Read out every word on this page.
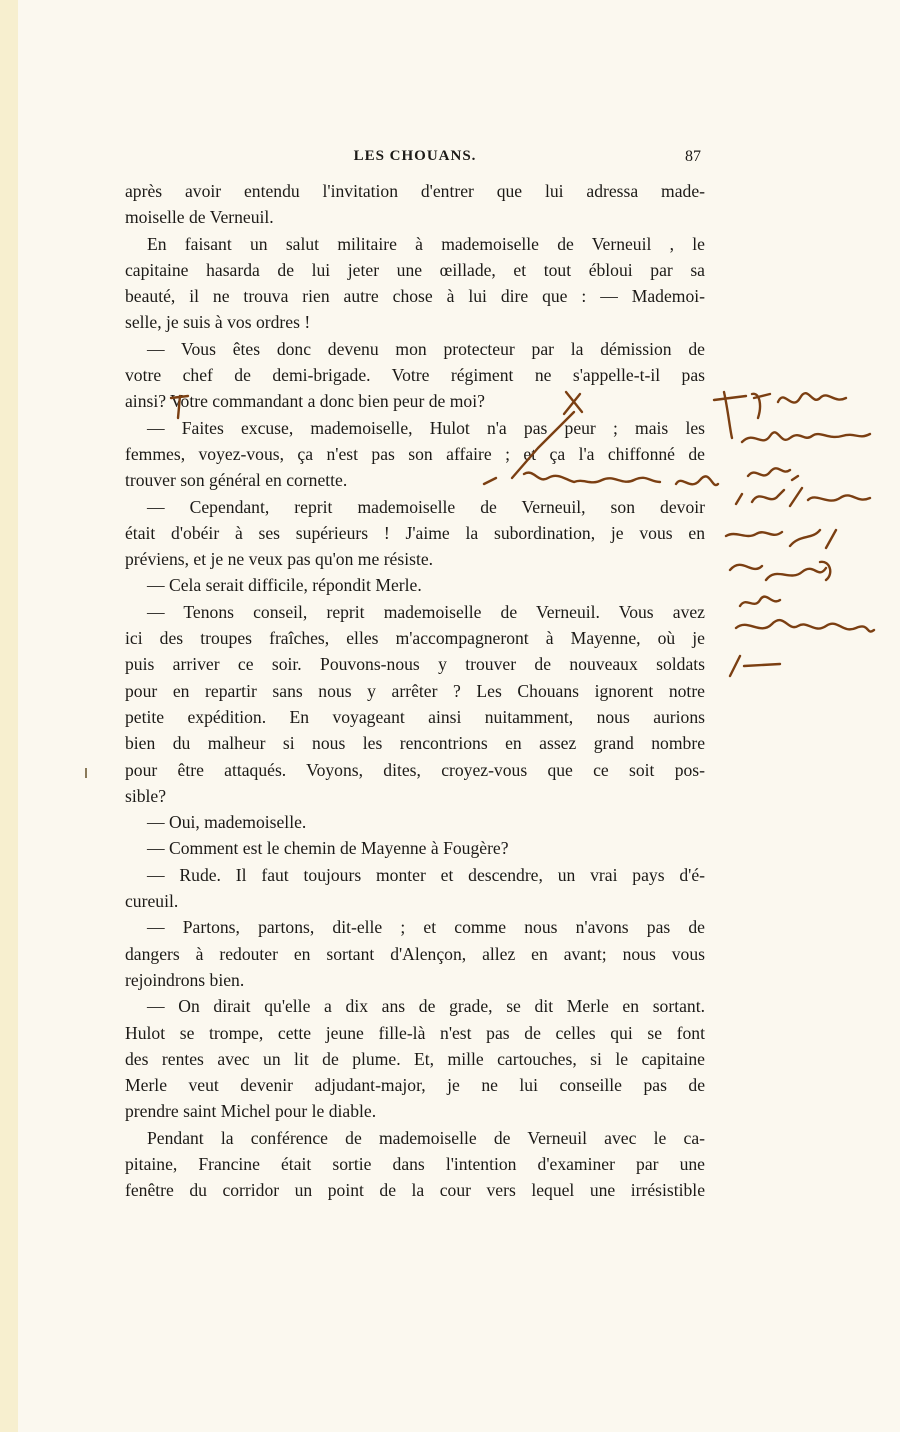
LES CHOUANS.	87
après avoir entendu l'invitation d'entrer que lui adressa made-
moiselle de Verneuil.
En faisant un salut militaire à mademoiselle de Verneuil , le
capitaine hasarda de lui jeter une œillade, et tout ébloui par sa
beauté, il ne trouva rien autre chose à lui dire que : — Mademoi-
selle, je suis à vos ordres !
— Vous êtes donc devenu mon protecteur par la démission de
votre chef de demi-brigade. Votre régiment ne s'appelle-t-il pas
ainsi? Votre commandant a donc bien peur de moi?
— Faites excuse, mademoiselle, Hulot n'a pas peur ; mais les
femmes, voyez-vous, ça n'est pas son affaire ; et ça l'a chiffonné de
trouver son général en cornette.
— Cependant, reprit mademoiselle de Verneuil, son devoir
était d'obéir à ses supérieurs ! J'aime la subordination, je vous en
préviens, et je ne veux pas qu'on me résiste.
— Cela serait difficile, répondit Merle.
— Tenons conseil, reprit mademoiselle de Verneuil. Vous avez
ici des troupes fraîches, elles m'accompagneront à Mayenne, où je
puis arriver ce soir. Pouvons-nous y trouver de nouveaux soldats
pour en repartir sans nous y arrêter ? Les Chouans ignorent notre
petite expédition. En voyageant ainsi nuitamment, nous aurions
bien du malheur si nous les rencontrions en assez grand nombre
pour être attaqués. Voyons, dites, croyez-vous que ce soit pos-
sible?
— Oui, mademoiselle.
— Comment est le chemin de Mayenne à Fougère?
— Rude. Il faut toujours monter et descendre, un vrai pays d'é-
cureuil.
— Partons, partons, dit-elle ; et comme nous n'avons pas de
dangers à redouter en sortant d'Alençon, allez en avant; nous vous
rejoindrons bien.
— On dirait qu'elle a dix ans de grade, se dit Merle en sortant.
Hulot se trompe, cette jeune fille-là n'est pas de celles qui se font
des rentes avec un lit de plume. Et, mille cartouches, si le capitaine
Merle veut devenir adjudant-major, je ne lui conseille pas de
prendre saint Michel pour le diable.
Pendant la conférence de mademoiselle de Verneuil avec le ca-
pitaine, Francine était sortie dans l'intention d'examiner par une
fenêtre du corridor un point de la cour vers lequel une irrésistible
